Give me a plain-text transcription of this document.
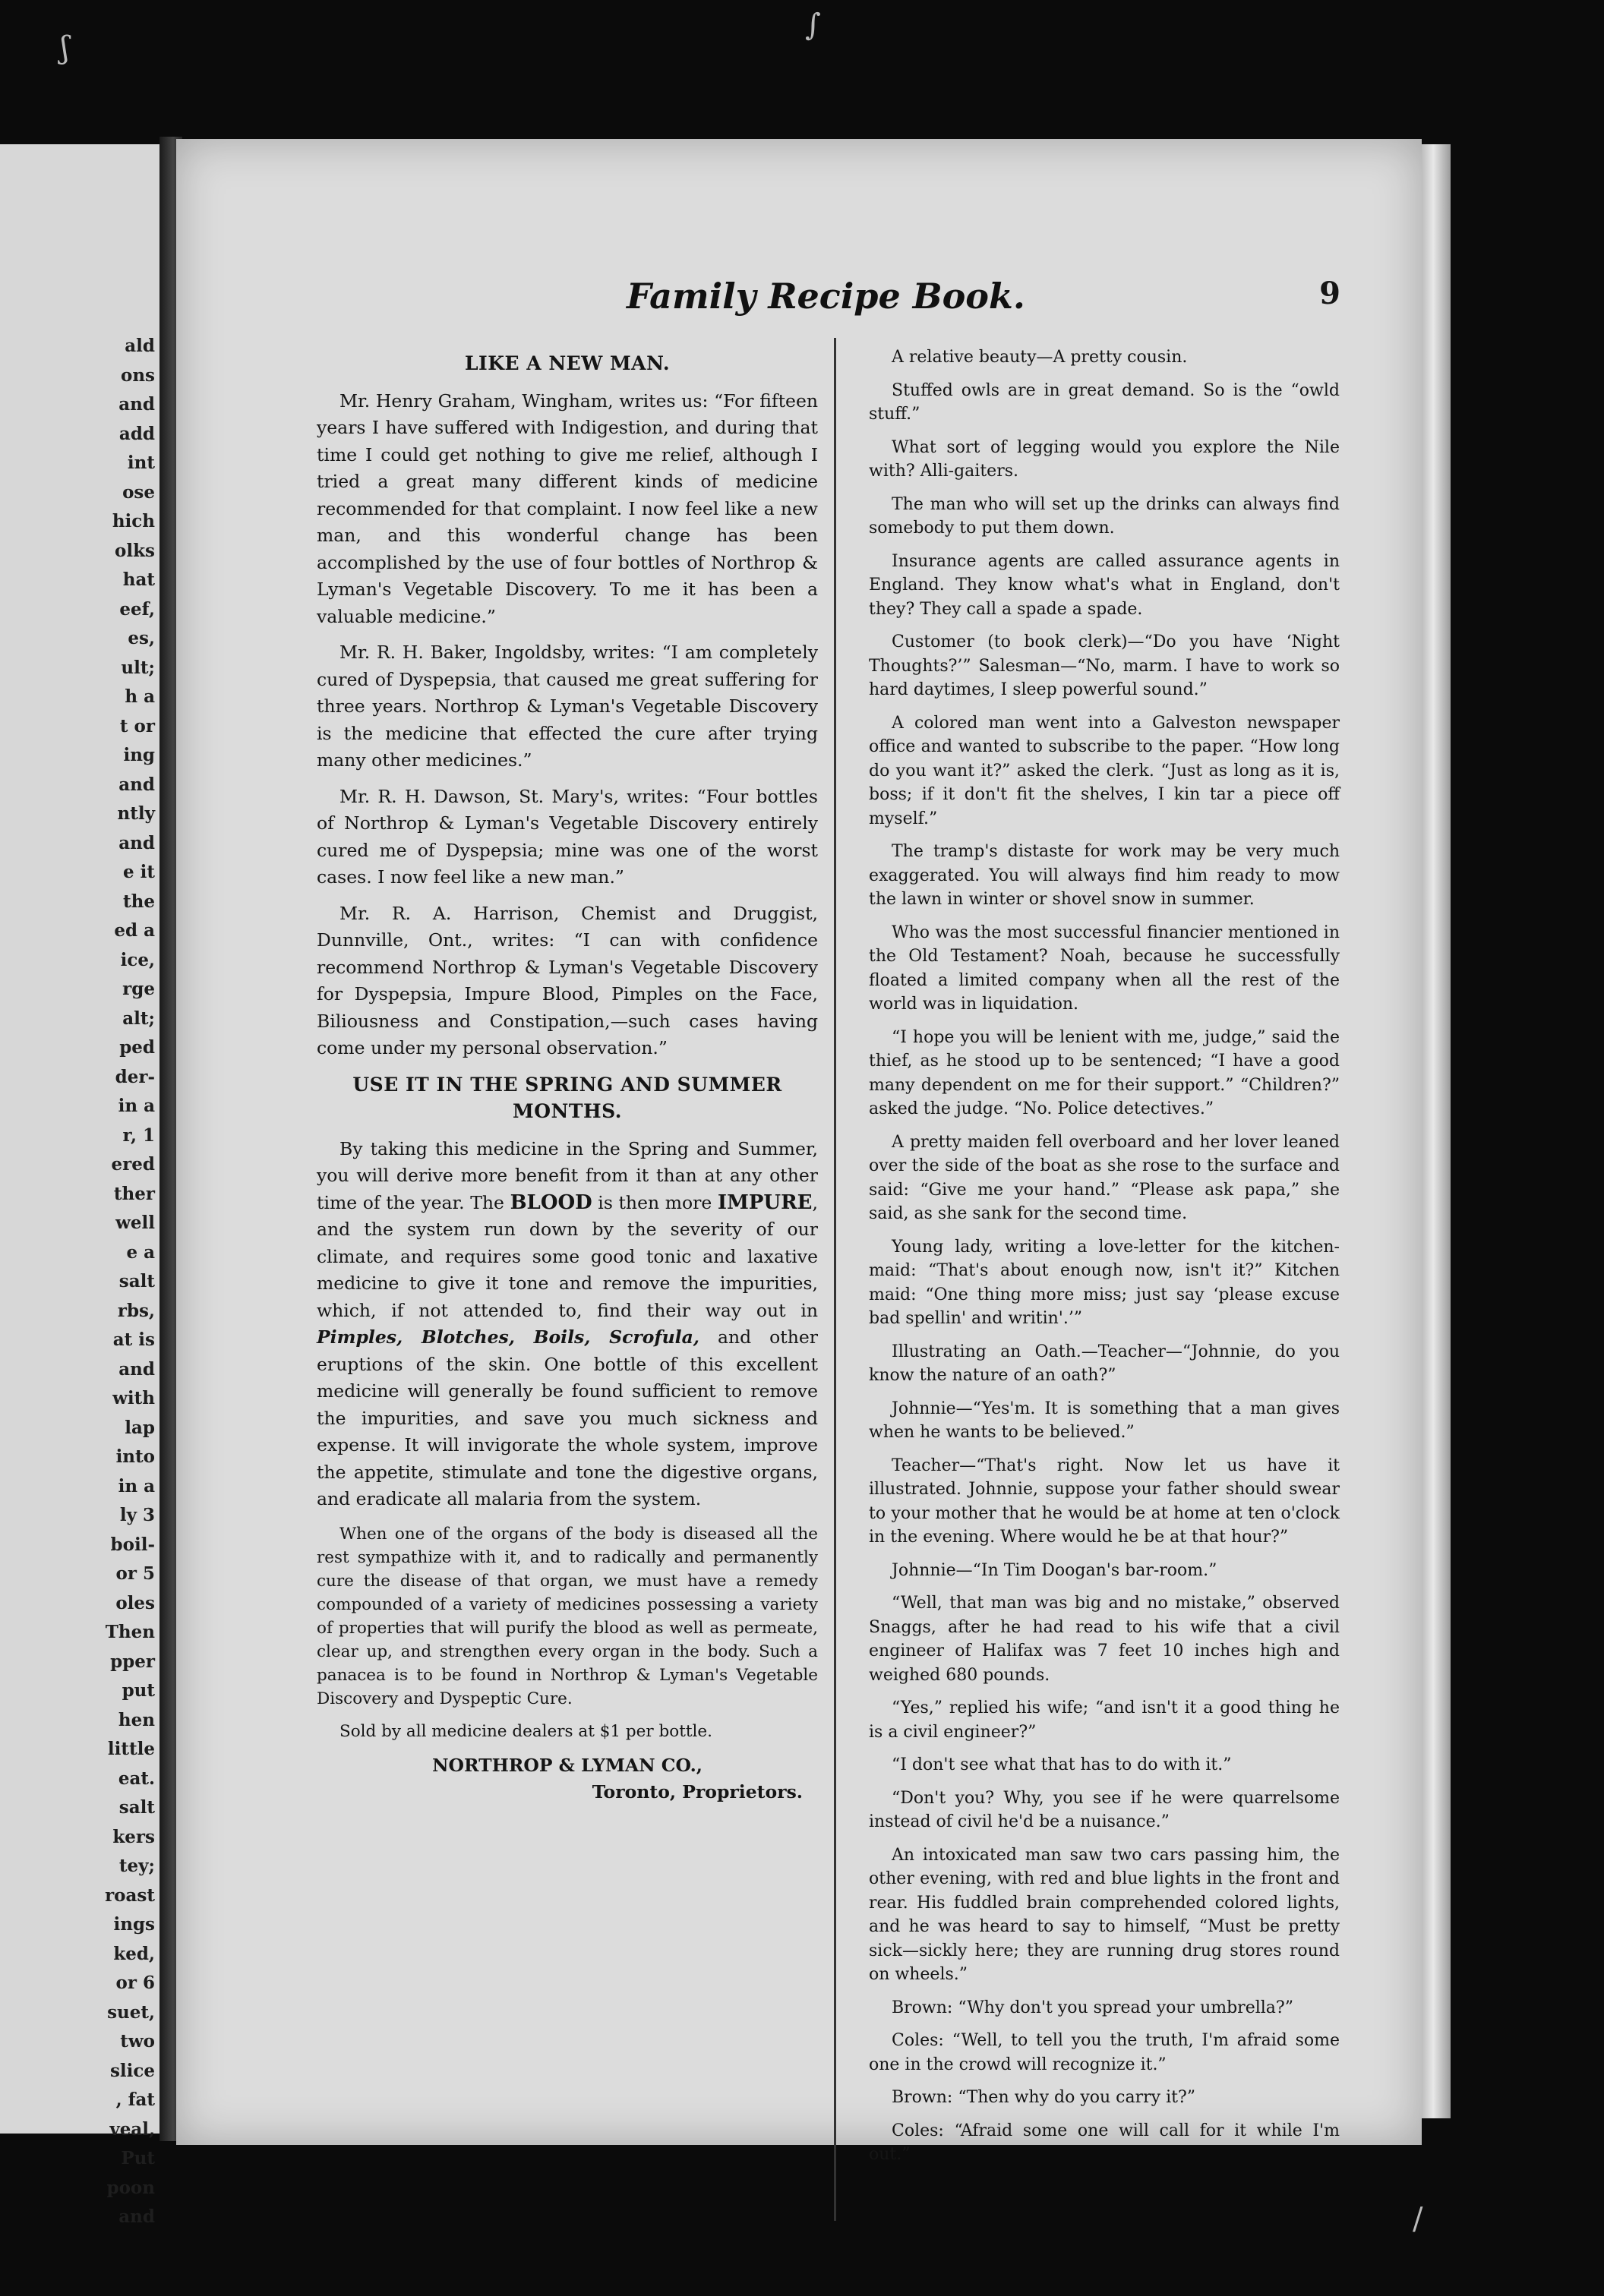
ald
ons
and
add
int
ose
hich
olks
hat
eef,
es,
ult;
h a
t or
ing
and
ntly
and
e it
the
ed a
ice,
rge
alt;
ped
der-
in a
r, 1
ered
ther
well
e a
salt
rbs,
at is
and
with
lap
into
in a
ly 3
boil-
or 5
oles
Then
pper
put
hen
little
eat.
salt
kers
tey;
roast
ings
ked,
or 6
suet,
two
slice
, fat
veal,
Put
poon
and
Family Recipe Book.	9
LIKE A NEW MAN.

Mr. Henry Graham, Wingham, writes us: “For fifteen years I have suffered with Indigestion, and during that time I could get nothing to give me relief, although I tried a great many different kinds of medicine recommended for that complaint. I now feel like a new man, and this wonderful change has been accomplished by the use of four bottles of Northrop & Lyman's Vegetable Discovery. To me it has been a valuable medicine.”

Mr. R. H. Baker, Ingoldsby, writes: “I am completely cured of Dyspepsia, that caused me great suffering for three years. Northrop & Lyman's Vegetable Discovery is the medicine that effected the cure after trying many other medicines.”

Mr. R. H. Dawson, St. Mary's, writes: “Four bottles of Northrop & Lyman's Vegetable Discovery entirely cured me of Dyspepsia; mine was one of the worst cases. I now feel like a new man.”

Mr. R. A. Harrison, Chemist and Druggist, Dunnville, Ont., writes: “I can with confidence recommend Northrop & Lyman's Vegetable Discovery for Dyspepsia, Impure Blood, Pimples on the Face, Biliousness and Constipation,—such cases having come under my personal observation.”

USE IT IN THE SPRING AND SUMMER MONTHS.

By taking this medicine in the Spring and Summer, you will derive more benefit from it than at any other time of the year. The BLOOD is then more IMPURE, and the system run down by the severity of our climate, and requires some good tonic and laxative medicine to give it tone and remove the impurities, which, if not attended to, find their way out in Pimples, Blotches, Boils, Scrofula, and other eruptions of the skin. One bottle of this excellent medicine will generally be found sufficient to remove the impurities, and save you much sickness and expense. It will invigorate the whole system, improve the appetite, stimulate and tone the digestive organs, and eradicate all malaria from the system.

When one of the organs of the body is diseased all the rest sympathize with it, and to radically and permanently cure the disease of that organ, we must have a remedy compounded of a variety of medicines possessing a variety of properties that will purify the blood as well as permeate, clear up, and strengthen every organ in the body. Such a panacea is to be found in Northrop & Lyman's Vegetable Discovery and Dyspeptic Cure.

Sold by all medicine dealers at $1 per bottle.

NORTHROP & LYMAN CO.,
Toronto, Proprietors.

A relative beauty—A pretty cousin.

Stuffed owls are in great demand. So is the “owld stuff.”

What sort of legging would you explore the Nile with? Alli-gaiters.

The man who will set up the drinks can always find somebody to put them down.

Insurance agents are called assurance agents in England. They know what's what in England, don't they? They call a spade a spade.

Customer (to book clerk)—“Do you have ‘Night Thoughts?’” Salesman—“No, marm. I have to work so hard daytimes, I sleep powerful sound.”

A colored man went into a Galveston newspaper office and wanted to subscribe to the paper. “How long do you want it?” asked the clerk. “Just as long as it is, boss; if it don't fit the shelves, I kin tar a piece off myself.”

The tramp's distaste for work may be very much exaggerated. You will always find him ready to mow the lawn in winter or shovel snow in summer.

Who was the most successful financier mentioned in the Old Testament? Noah, because he successfully floated a limited company when all the rest of the world was in liquidation.

“I hope you will be lenient with me, judge,” said the thief, as he stood up to be sentenced; “I have a good many dependent on me for their support.” “Children?” asked the judge. “No. Police detectives.”

A pretty maiden fell overboard and her lover leaned over the side of the boat as she rose to the surface and said: “Give me your hand.” “Please ask papa,” she said, as she sank for the second time.

Young lady, writing a love-letter for the kitchen-maid: “That's about enough now, isn't it?” Kitchen maid: “One thing more miss; just say ‘please excuse bad spellin' and writin'.’”

Illustrating an Oath.—Teacher—“Johnnie, do you know the nature of an oath?”

Johnnie—“Yes'm. It is something that a man gives when he wants to be believed.”

Teacher—“That's right. Now let us have it illustrated. Johnnie, suppose your father should swear to your mother that he would be at home at ten o'clock in the evening. Where would he be at that hour?”

Johnnie—“In Tim Doogan's bar-room.”

“Well, that man was big and no mistake,” observed Snaggs, after he had read to his wife that a civil engineer of Halifax was 7 feet 10 inches high and weighed 680 pounds.

“Yes,” replied his wife; “and isn't it a good thing he is a civil engineer?”

“I don't see what that has to do with it.”

“Don't you? Why, you see if he were quarrelsome instead of civil he'd be a nuisance.”

An intoxicated man saw two cars passing him, the other evening, with red and blue lights in the front and rear. His fuddled brain comprehended colored lights, and he was heard to say to himself, “Must be pretty sick—sickly here; they are running drug stores round on wheels.”

Brown: “Why don't you spread your umbrella?”

Coles: “Well, to tell you the truth, I'm afraid some one in the crowd will recognize it.”

Brown: “Then why do you carry it?”

Coles: “Afraid some one will call for it while I'm out.”

ʃ
∫
/
